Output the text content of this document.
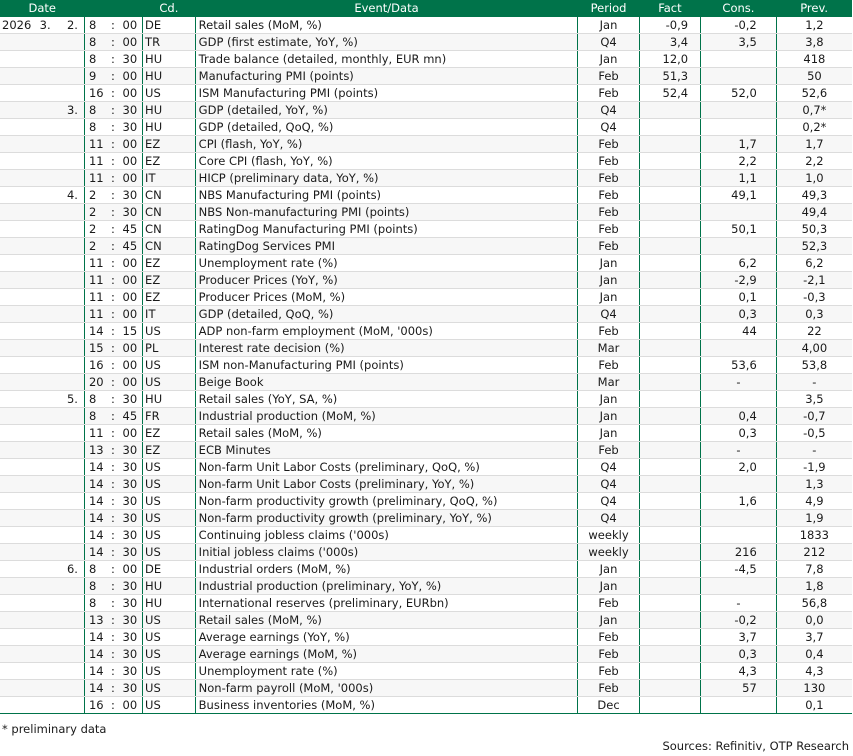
Date						Cd.	Event/Data	Period	Fact	Cons.	Prev.
2026	3.	2.	8	:	00	DE	Retail sales (MoM, %)	Jan	-0,9	-0,2	1,2
			8	:	00	TR	GDP (first estimate, YoY, %)	Q4	3,4	3,5	3,8
			8	:	30	HU	Trade balance (detailed, monthly, EUR mn)	Jan	12,0		418
			9	:	00	HU	Manufacturing PMI (points)	Feb	51,3		50
			16	:	00	US	ISM Manufacturing PMI (points)	Feb	52,4	52,0	52,6
		3.	8	:	30	HU	GDP (detailed, YoY, %)	Q4			0,7*
			8	:	30	HU	GDP (detailed, QoQ, %)	Q4			0,2*
			11	:	00	EZ	CPI (flash, YoY, %)	Feb		1,7	1,7
			11	:	00	EZ	Core CPI (flash, YoY, %)	Feb		2,2	2,2
			11	:	00	IT	HICP (preliminary data, YoY, %)	Feb		1,1	1,0
		4.	2	:	30	CN	NBS Manufacturing PMI (points)	Feb		49,1	49,3
			2	:	30	CN	NBS Non-manufacturing PMI (points)	Feb			49,4
			2	:	45	CN	RatingDog Manufacturing PMI (points)	Feb		50,1	50,3
			2	:	45	CN	RatingDog Services PMI	Feb			52,3
			11	:	00	EZ	Unemployment rate (%)	Jan		6,2	6,2
			11	:	00	EZ	Producer Prices (YoY, %)	Jan		-2,9	-2,1
			11	:	00	EZ	Producer Prices (MoM, %)	Jan		0,1	-0,3
			11	:	00	IT	GDP (detailed, QoQ, %)	Q4		0,3	0,3
			14	:	15	US	ADP non-farm employment (MoM, '000s)	Feb		44	22
			15	:	00	PL	Interest rate decision (%)	Mar			4,00
			16	:	00	US	ISM non-Manufacturing PMI (points)	Feb		53,6	53,8
			20	:	00	US	Beige Book	Mar		-	-
		5.	8	:	30	HU	Retail sales (YoY, SA, %)	Jan			3,5
			8	:	45	FR	Industrial production (MoM, %)	Jan		0,4	-0,7
			11	:	00	EZ	Retail sales (MoM, %)	Jan		0,3	-0,5
			13	:	30	EZ	ECB Minutes	Feb		-	-
			14	:	30	US	Non-farm Unit Labor Costs (preliminary, QoQ, %)	Q4		2,0	-1,9
			14	:	30	US	Non-farm Unit Labor Costs (preliminary, YoY, %)	Q4			1,3
			14	:	30	US	Non-farm productivity growth (preliminary, QoQ, %)	Q4		1,6	4,9
			14	:	30	US	Non-farm productivity growth (preliminary, YoY, %)	Q4			1,9
			14	:	30	US	Continuing jobless claims ('000s)	weekly			1833
			14	:	30	US	Initial jobless claims ('000s)	weekly		216	212
		6.	8	:	00	DE	Industrial orders (MoM, %)	Jan		-4,5	7,8
			8	:	30	HU	Industrial production (preliminary, YoY, %)	Jan			1,8
			8	:	30	HU	International reserves (preliminary, EURbn)	Feb		-	56,8
			13	:	30	US	Retail sales (MoM, %)	Jan		-0,2	0,0
			14	:	30	US	Average earnings (YoY, %)	Feb		3,7	3,7
			14	:	30	US	Average earnings (MoM, %)	Feb		0,3	0,4
			14	:	30	US	Unemployment rate (%)	Feb		4,3	4,3
			14	:	30	US	Non-farm payroll (MoM, '000s)	Feb		57	130
			16	:	00	US	Business inventories (MoM, %)	Dec			0,1
* preliminary data
Sources: Refinitiv, OTP Research
